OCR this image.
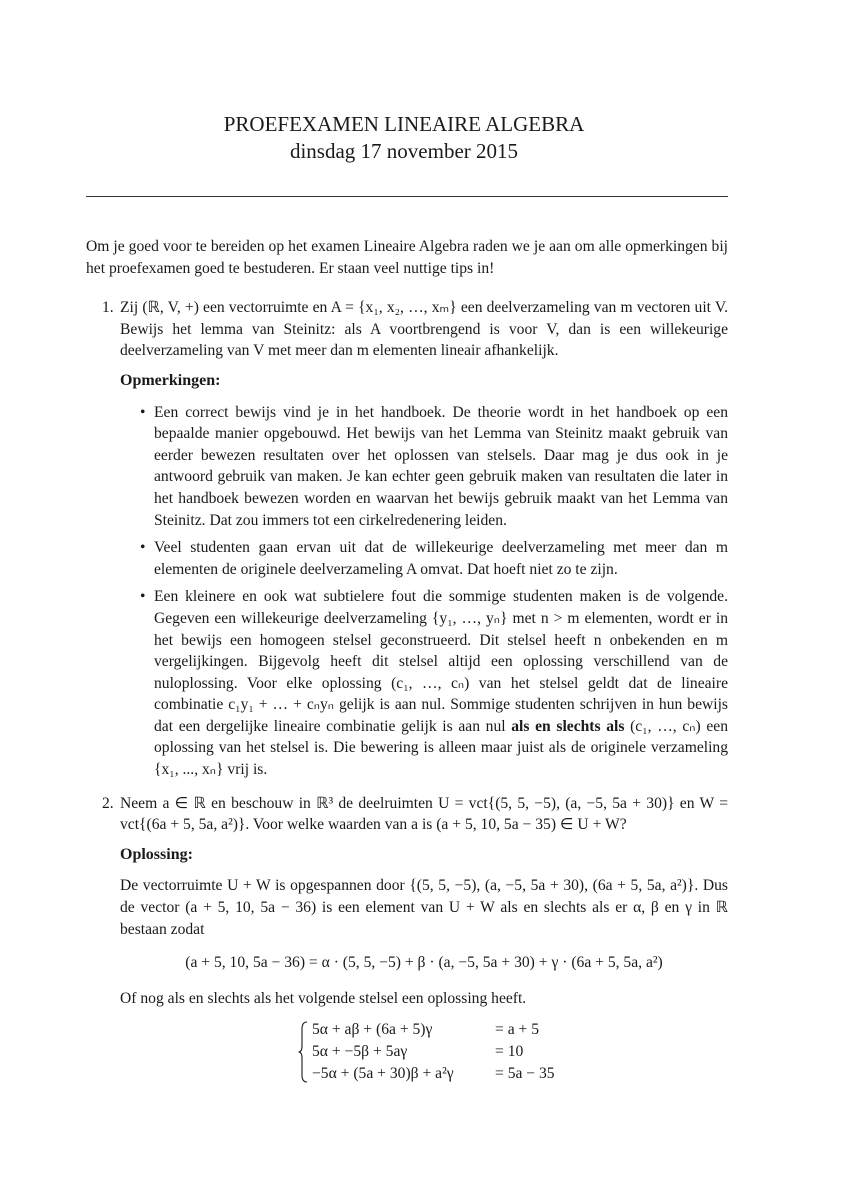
PROEFEXAMEN LINEAIRE ALGEBRA
dinsdag 17 november 2015

Om je goed voor te bereiden op het examen Lineaire Algebra raden we je aan om alle opmerkingen bij het proefexamen goed te bestuderen. Er staan veel nuttige tips in!

1. Zij (ℝ, V, +) een vectorruimte en A = {x₁, x₂, …, xₘ} een deelverzameling van m vectoren uit V. Bewijs het lemma van Steinitz: als A voortbrengend is voor V, dan is een willekeurige deelverzameling van V met meer dan m elementen lineair afhankelijk.

Opmerkingen:

• Een correct bewijs vind je in het handboek. De theorie wordt in het handboek op een bepaalde manier opgebouwd. Het bewijs van het Lemma van Steinitz maakt gebruik van eerder bewezen resultaten over het oplossen van stelsels. Daar mag je dus ook in je antwoord gebruik van maken. Je kan echter geen gebruik maken van resultaten die later in het handboek bewezen worden en waarvan het bewijs gebruik maakt van het Lemma van Steinitz. Dat zou immers tot een cirkelredenering leiden.
• Veel studenten gaan ervan uit dat de willekeurige deelverzameling met meer dan m elementen de originele deelverzameling A omvat. Dat hoeft niet zo te zijn.
• Een kleinere en ook wat subtielere fout die sommige studenten maken is de volgende. Gegeven een willekeurige deelverzameling {y₁, …, yₙ} met n > m elementen, wordt er in het bewijs een homogeen stelsel geconstrueerd. Dit stelsel heeft n onbekenden en m vergelijkingen. Bijgevolg heeft dit stelsel altijd een oplossing verschillend van de nuloplossing. Voor elke oplossing (c₁, …, cₙ) van het stelsel geldt dat de lineaire combinatie c₁y₁ + … + cₙyₙ gelijk is aan nul. Sommige studenten schrijven in hun bewijs dat een dergelijke lineaire combinatie gelijk is aan nul als en slechts als (c₁, …, cₙ) een oplossing van het stelsel is. Die bewering is alleen maar juist als de originele verzameling {x₁, ..., xₙ} vrij is.
2. Neem a ∈ ℝ en beschouw in ℝ³ de deelruimten U = vct{(5, 5, −5), (a, −5, 5a + 30)} en W = vct{(6a + 5, 5a, a²)}. Voor welke waarden van a is (a + 5, 10, 5a − 35) ∈ U + W?

Oplossing:

De vectorruimte U + W is opgespannen door {(5, 5, −5), (a, −5, 5a + 30), (6a + 5, 5a, a²)}. Dus de vector (a + 5, 10, 5a − 36) is een element van U + W als en slechts als er α, β en γ in ℝ bestaan zodat

(a + 5, 10, 5a − 36) = α · (5, 5, −5) + β · (a, −5, 5a + 30) + γ · (6a + 5, 5a, a²)

Of nog als en slechts als het volgende stelsel een oplossing heeft.

5α + aβ + (6a + 5)γ	= a + 5
5α + −5β + 5aγ	= 10
−5α + (5a + 30)β + a²γ	= 5a − 35
